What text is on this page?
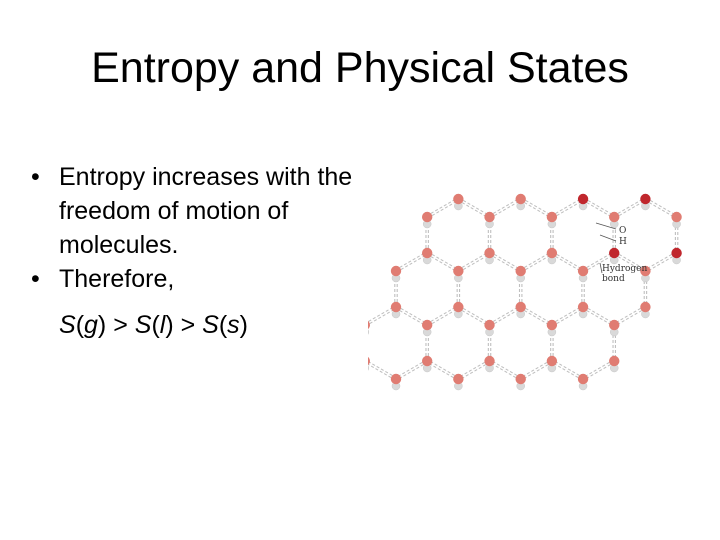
Entropy and Physical States
• Entropy increases with the freedom of motion of molecules.
• Therefore,
S(g) > S(l) > S(s)
O
H
Hydrogen
bond
